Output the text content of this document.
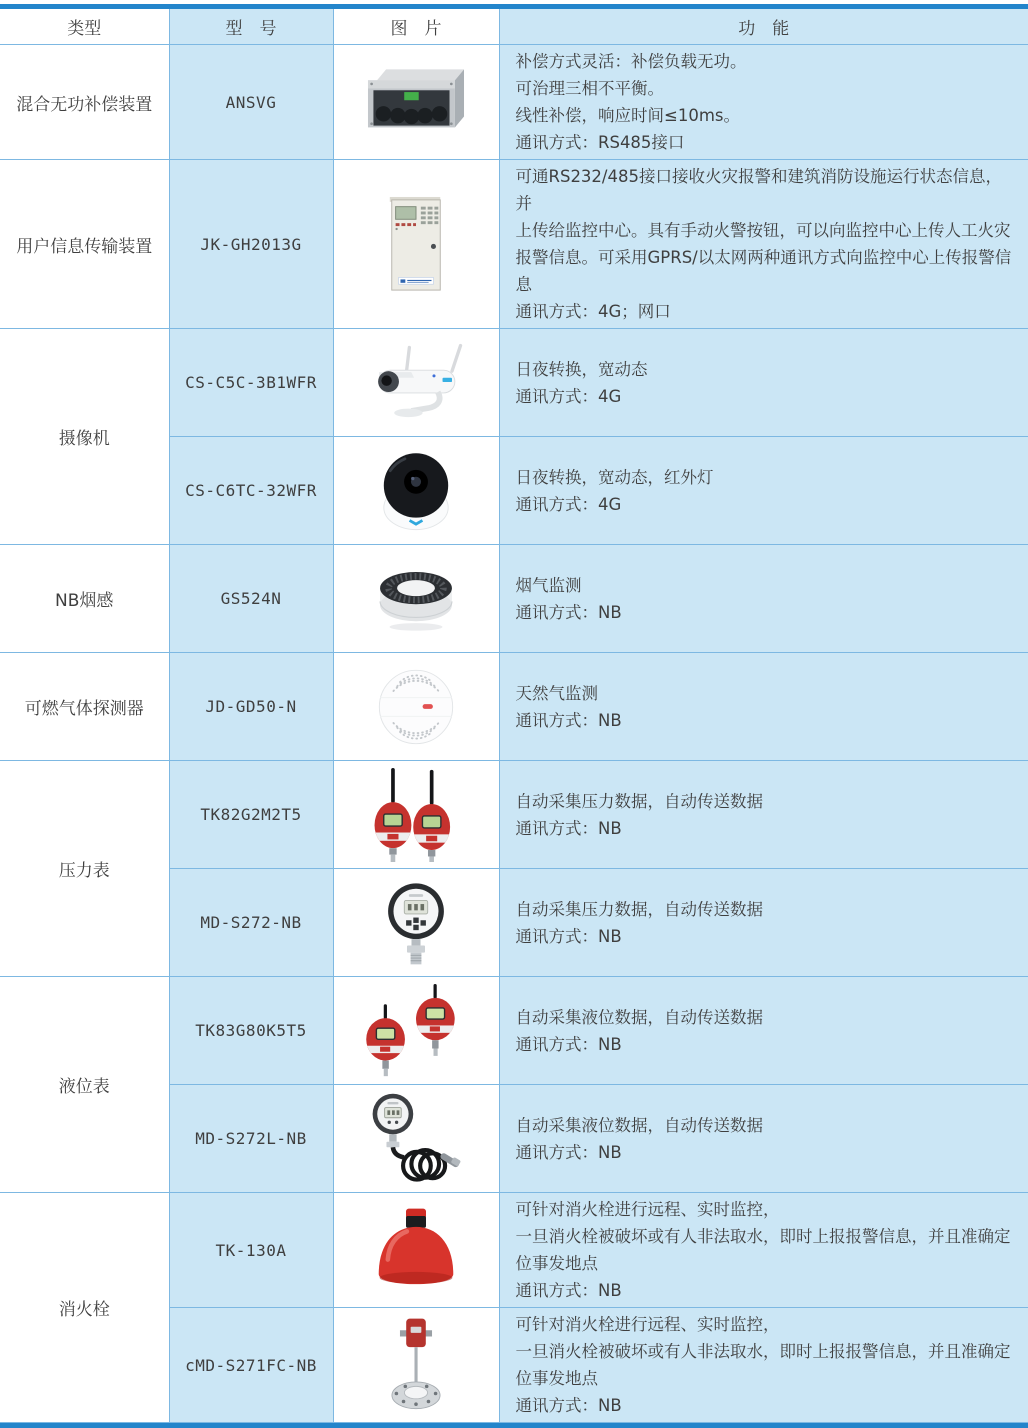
类型	型　号	图　片	功　能
混合无功补偿装置	ANSVG		补偿方式灵活：补偿负载无功。
可治理三相不平衡。
线性补偿，响应时间≤10ms。
通讯方式：RS485接口

用户信息传输装置	JK-GH2013G		可通RS232/485接口接收火灾报警和建筑消防设施运行状态信息，并
上传给监控中心。具有手动火警按钮，可以向监控中心上传人工火灾
报警信息。可采用GPRS/以太网两种通讯方式向监控中心上传报警信息
通讯方式：4G；网口

摄像机	CS-C5C-3B1WFR		日夜转换，宽动态
通讯方式：4G

	CS-C6TC-32WFR		日夜转换，宽动态，红外灯
通讯方式：4G

NB烟感	GS524N		烟气监测
通讯方式：NB

可燃气体探测器	JD-GD50-N		天然气监测
通讯方式：NB

压力表	TK82G2M2T5		自动采集压力数据，自动传送数据
通讯方式：NB

	MD-S272-NB		自动采集压力数据，自动传送数据
通讯方式：NB

液位表	TK83G80K5T5		自动采集液位数据，自动传送数据
通讯方式：NB

	MD-S272L-NB		自动采集液位数据，自动传送数据
通讯方式：NB

消火栓	TK-130A		可针对消火栓进行远程、实时监控，
一旦消火栓被破坏或有人非法取水，即时上报报警信息，并且准确定
位事发地点
通讯方式：NB

	cMD-S271FC-NB		可针对消火栓进行远程、实时监控，
一旦消火栓被破坏或有人非法取水，即时上报报警信息，并且准确定
位事发地点
通讯方式：NB
